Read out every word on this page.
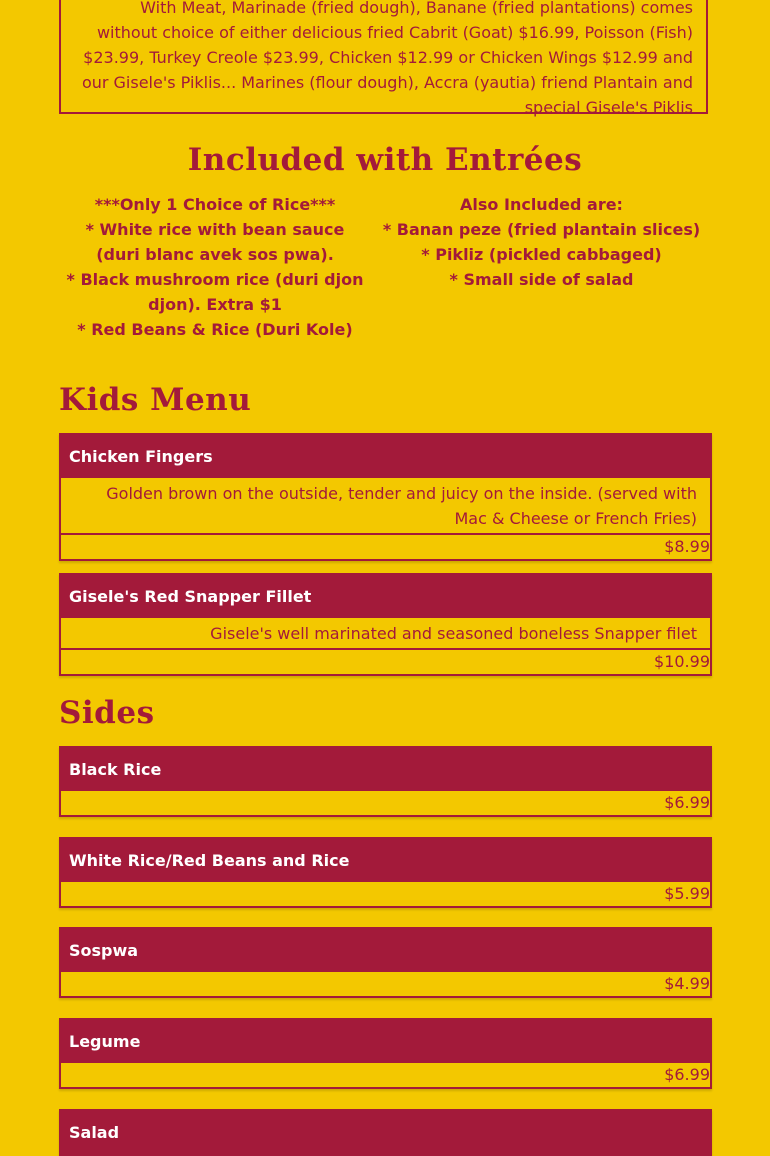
With Meat, Marinade (fried dough), Banane (fried plantations) comes without choice of either delicious fried Cabrit (Goat) $16.99, Poisson (Fish) $23.99, Turkey Creole $23.99, Chicken $12.99 or Chicken Wings $12.99 and our Gisele's Piklis... Marines (flour dough), Accra (yautia) friend Plantain and special Gisele's Piklis

Included with Entrées
***Only 1 Choice of Rice***
* White rice with bean sauce (duri blanc avek sos pwa).
* Black mushroom rice (duri djon djon). Extra $1
* Red Beans & Rice (Duri Kole)
Also Included are:
* Banan peze (fried plantain slices)
* Pikliz (pickled cabbaged)
* Small side of salad
Kids Menu
Chicken Fingers
Golden brown on the outside, tender and juicy on the inside. (served with Mac & Cheese or French Fries)
$8.99
Gisele's Red Snapper Fillet
Gisele's well marinated and seasoned boneless Snapper filet
$10.99
Sides
Black Rice
$6.99
White Rice/Red Beans and Rice
$5.99
Sospwa
$4.99
Legume
$6.99
Salad
